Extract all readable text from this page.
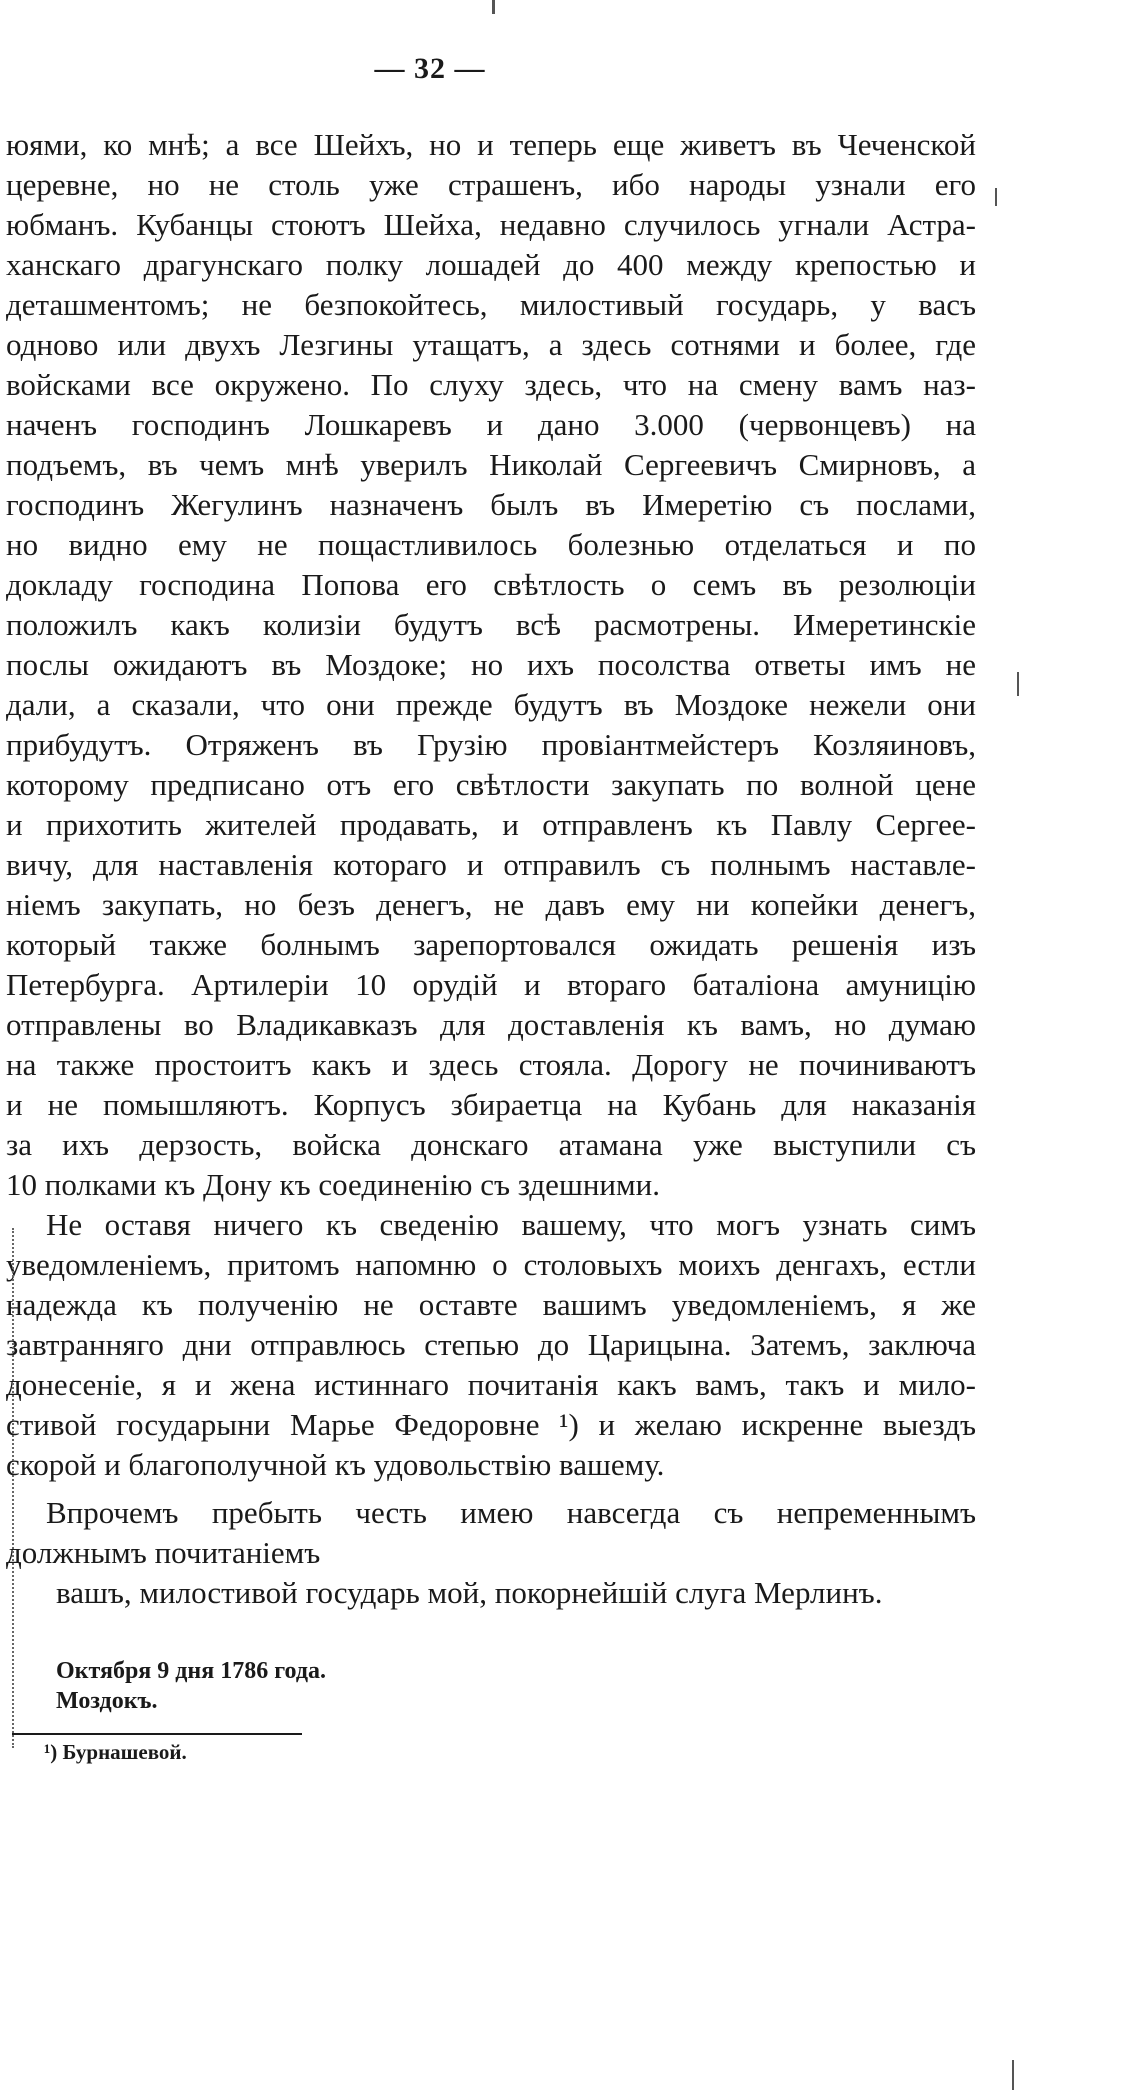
— 32 —
юями, ко мнѣ; а все Шейхъ, но и теперь еще живетъ въ Чеченской
церевне, но не столь уже страшенъ, ибо народы узнали его
юбманъ. Кубанцы стоютъ Шейха, недавно случилось угнали Астра-
ханскаго драгунскаго полку лошадей до 400 между крепостью и
деташментомъ; не безпокойтесь, милостивый государь, у васъ
одново или двухъ Лезгины утащатъ, а здесь сотнями и более, где
войсками все окружено. По слуху здесь, что на смену вамъ наз-
наченъ господинъ Лошкаревъ и дано 3.000 (червонцевъ) на
подъемъ, въ чемъ мнѣ уверилъ Николай Сергеевичъ Смирновъ, а
господинъ Жегулинъ назначенъ былъ въ Имеретію съ послами,
но видно ему не пощастливилось болезнью отделаться и по
докладу господина Попова его свѣтлость о семъ въ резолюціи
положилъ какъ колизіи будутъ всѣ расмотрены. Имеретинскіе
послы ожидаютъ въ Моздоке; но ихъ посолства ответы имъ не
дали, а сказали, что они прежде будутъ въ Моздоке нежели они
прибудутъ. Отряженъ въ Грузію провіантмейстеръ Козляиновъ,
которому предписано отъ его свѣтлости закупать по волной цене
и прихотить жителей продавать, и отправленъ къ Павлу Сергее-
вичу, для наставленія котораго и отправилъ съ полнымъ наставле-
ніемъ закупать, но безъ денегъ, не давъ ему ни копейки денегъ,
который также болнымъ зарепортовался ожидать решенія изъ
Петербурга. Артилеріи 10 орудій и втораго баталіона амуницію
отправлены во Владикавказъ для доставленія къ вамъ, но думаю
на также простоитъ какъ и здесь стояла. Дорогу не починиваютъ
и не помышляютъ. Корпусъ збираетца на Кубань для наказанія
за ихъ дерзость, войска донскаго атамана уже выступили съ
10 полками къ Дону къ соединенію съ здешними.
Не оставя ничего къ сведенію вашему, что могъ узнать симъ
уведомленіемъ, притомъ напомню о столовыхъ моихъ денгахъ, естли
надежда къ полученію не оставте вашимъ уведомленіемъ, я же
завтранняго дни отправлюсь степью до Царицына. Затемъ, заключа
донесеніе, я и жена истиннаго почитанія какъ вамъ, такъ и мило-
стивой государыни Марье Федоровне ¹) и желаю искренне выездъ
скорой и благополучной къ удовольствію вашему.
Впрочемъ пребыть честь имею навсегда съ непременнымъ
должнымъ почитаніемъ
вашъ, милостивой государь мой, покорнейшій слуга Мерлинъ.
Октября 9 дня 1786 года.
Моздокъ.
¹) Бурнашевой.
